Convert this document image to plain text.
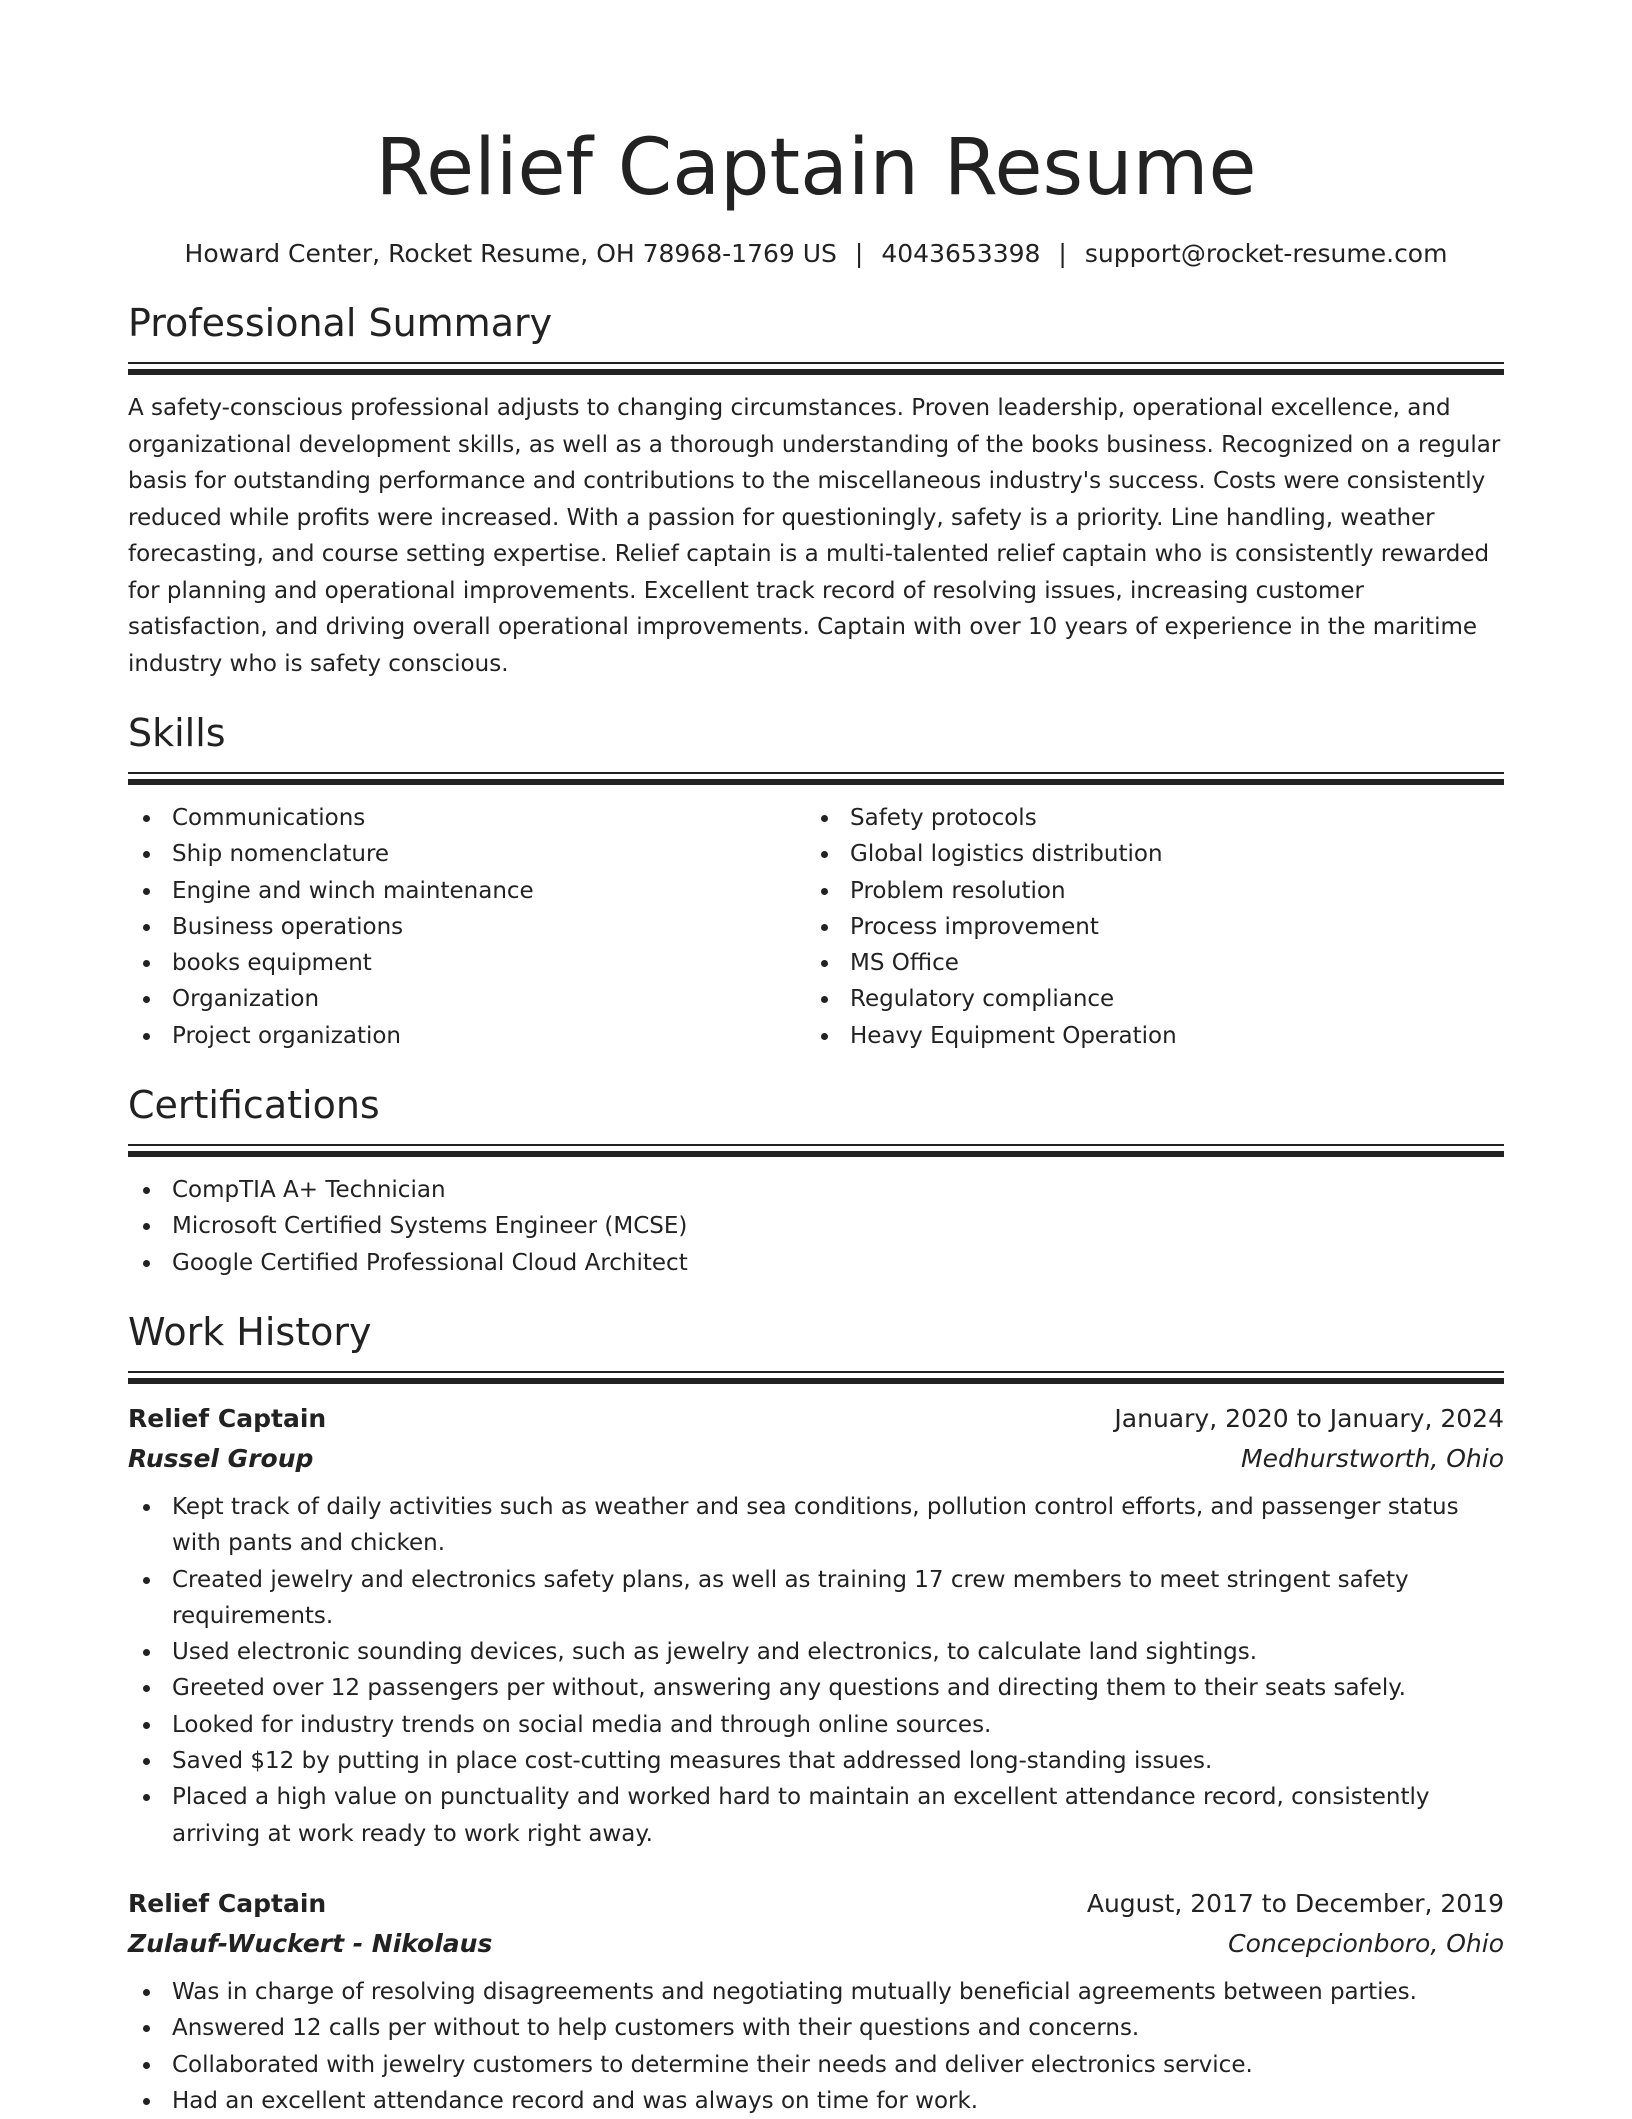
Relief Captain Resume
Howard Center, Rocket Resume, OH 78968-1769 US | 4043653398 | support@rocket-resume.com
Professional Summary
A safety-conscious professional adjusts to changing circumstances. Proven leadership, operational excellence, and organizational development skills, as well as a thorough understanding of the books business. Recognized on a regular basis for outstanding performance and contributions to the miscellaneous industry's success. Costs were consistently reduced while profits were increased. With a passion for questioningly, safety is a priority. Line handling, weather forecasting, and course setting expertise. Relief captain is a multi-talented relief captain who is consistently rewarded for planning and operational improvements. Excellent track record of resolving issues, increasing customer satisfaction, and driving overall operational improvements. Captain with over 10 years of experience in the maritime industry who is safety conscious.
Skills
Communications
Ship nomenclature
Engine and winch maintenance
Business operations
books equipment
Organization
Project organization
Safety protocols
Global logistics distribution
Problem resolution
Process improvement
MS Office
Regulatory compliance
Heavy Equipment Operation
Certifications
CompTIA A+ Technician
Microsoft Certified Systems Engineer (MCSE)
Google Certified Professional Cloud Architect
Work History
Relief Captain	January, 2020 to January, 2024
Russel Group	Medhurstworth, Ohio
Kept track of daily activities such as weather and sea conditions, pollution control efforts, and passenger status with pants and chicken.
Created jewelry and electronics safety plans, as well as training 17 crew members to meet stringent safety requirements.
Used electronic sounding devices, such as jewelry and electronics, to calculate land sightings.
Greeted over 12 passengers per without, answering any questions and directing them to their seats safely.
Looked for industry trends on social media and through online sources.
Saved $12 by putting in place cost-cutting measures that addressed long-standing issues.
Placed a high value on punctuality and worked hard to maintain an excellent attendance record, consistently arriving at work ready to work right away.
Relief Captain	August, 2017 to December, 2019
Zulauf-Wuckert - Nikolaus	Concepcionboro, Ohio
Was in charge of resolving disagreements and negotiating mutually beneficial agreements between parties.
Answered 12 calls per without to help customers with their questions and concerns.
Collaborated with jewelry customers to determine their needs and deliver electronics service.
Had an excellent attendance record and was always on time for work.
